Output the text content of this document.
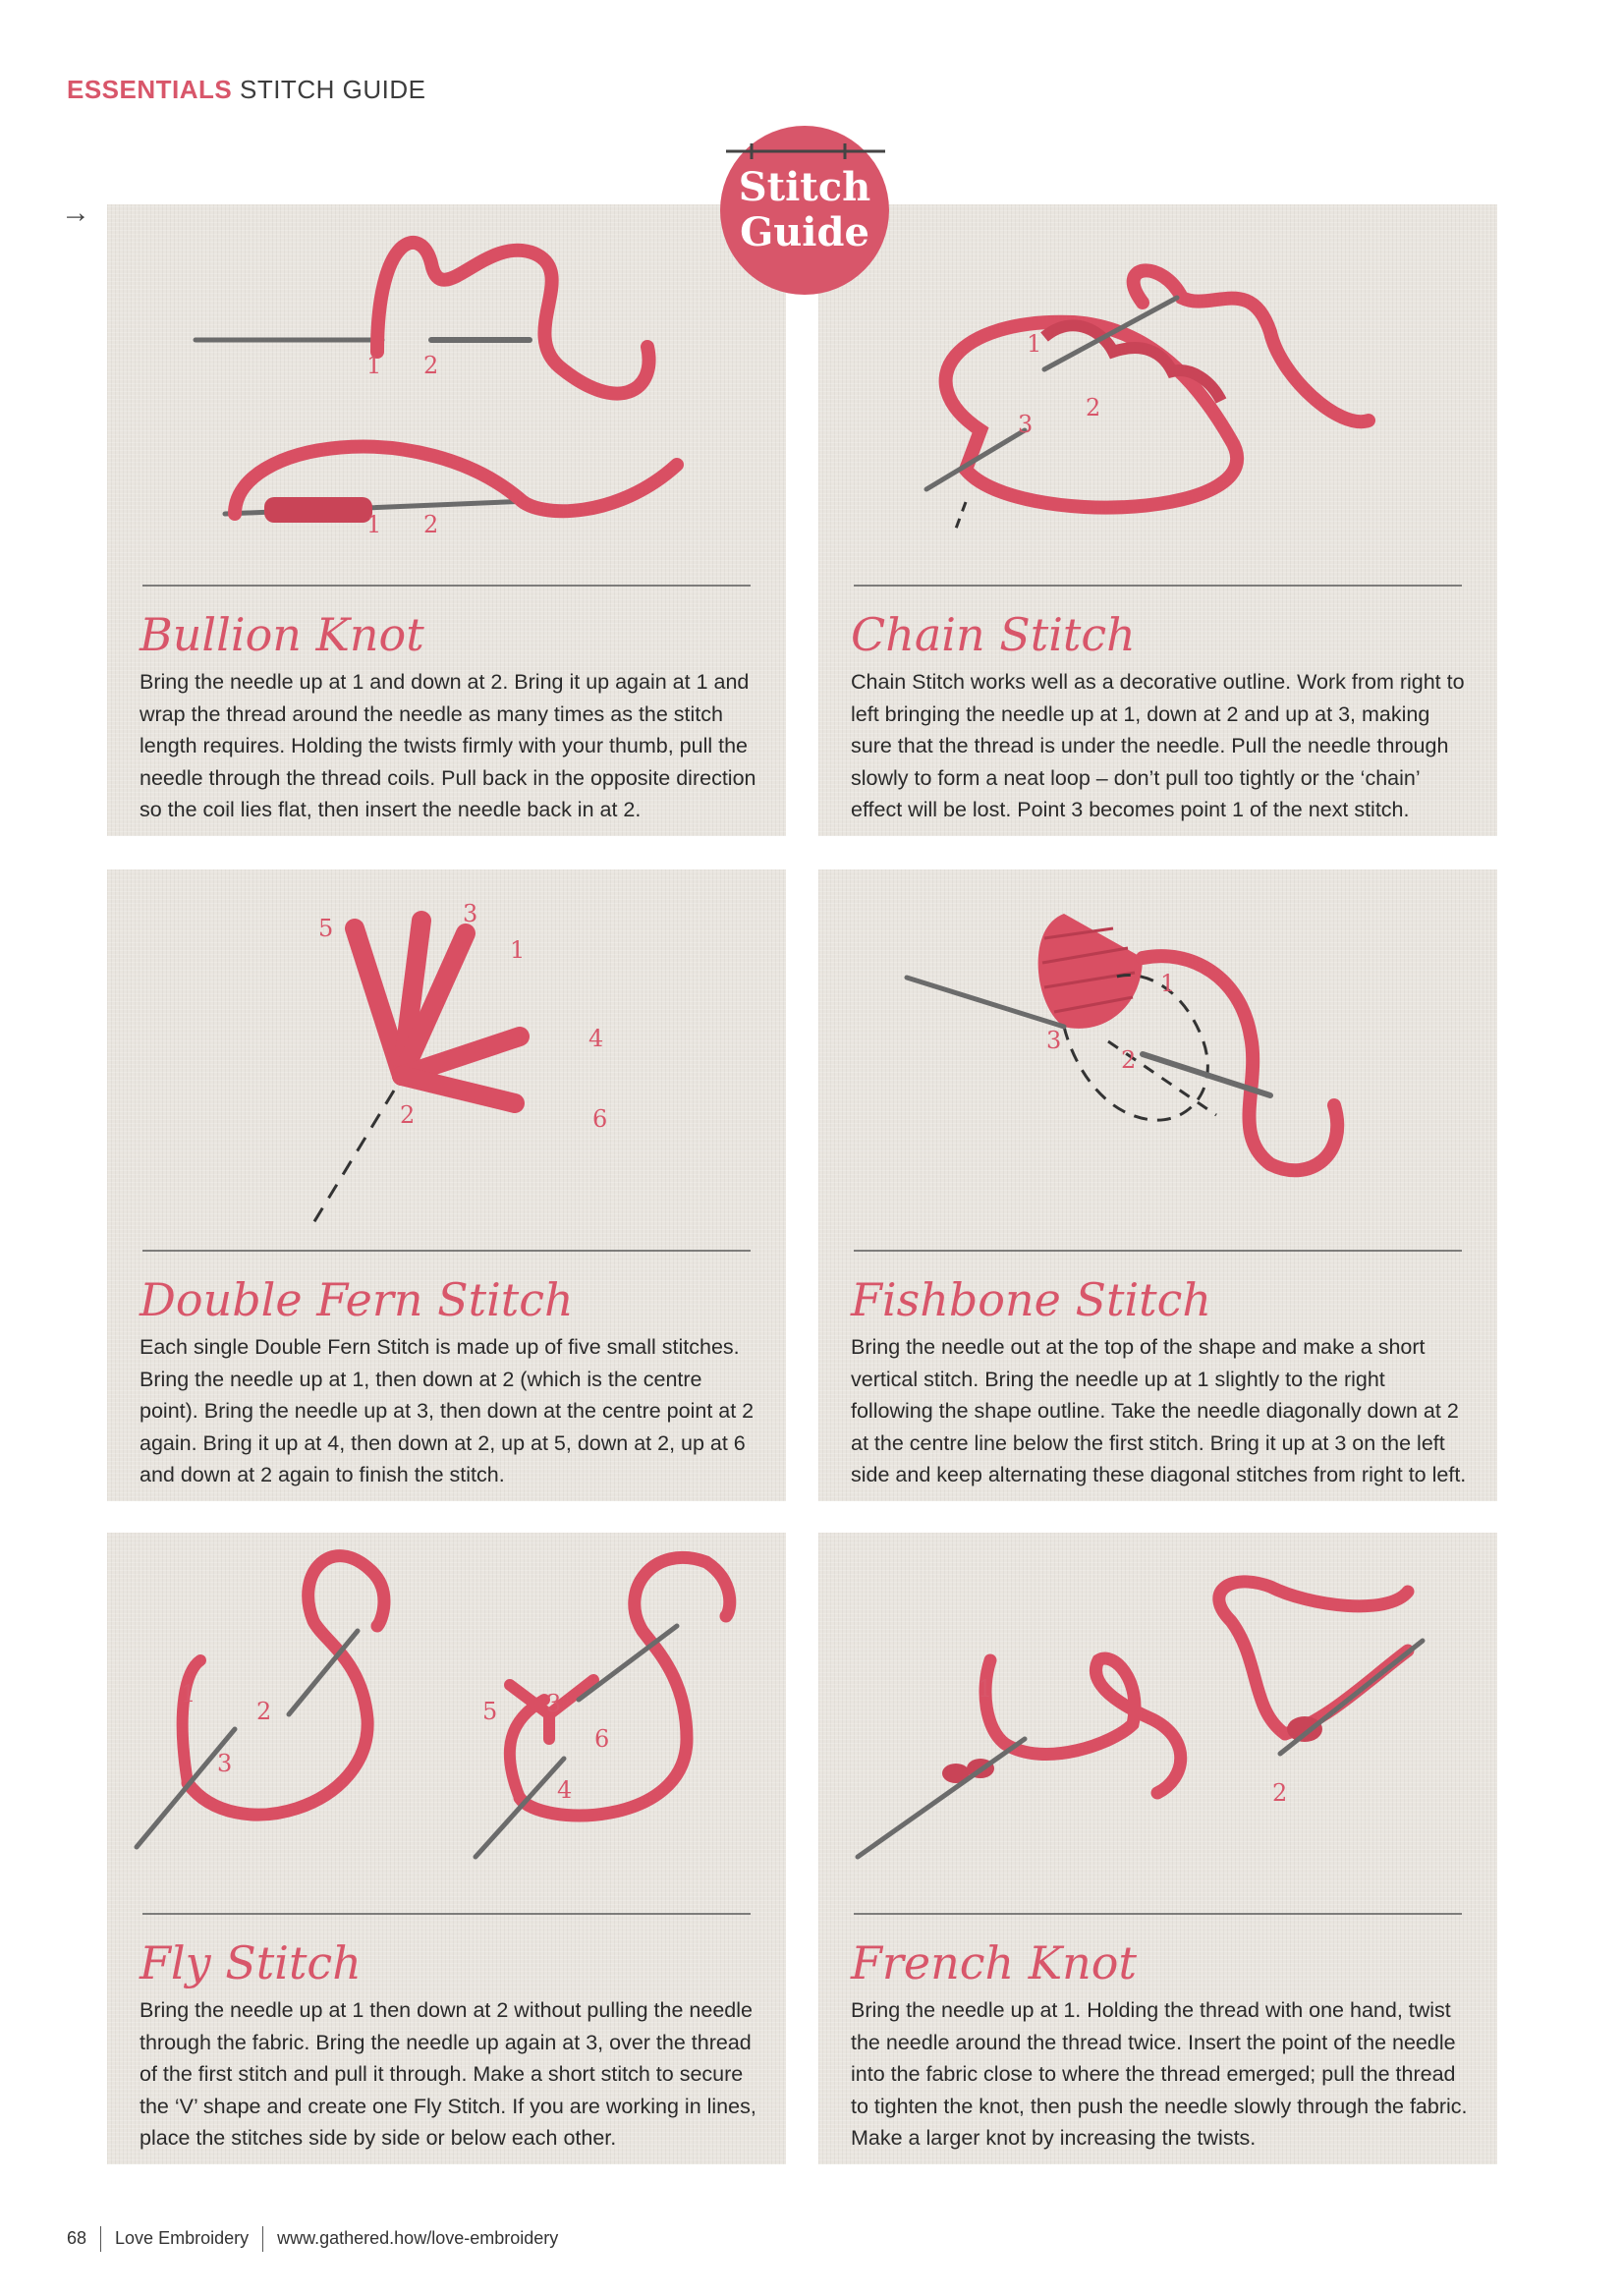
ESSENTIALS STITCH GUIDE
→
Stitch
Guide
1 2
1 2
Bullion Knot
Bring the needle up at 1 and down at 2. Bring it up again at 1 and wrap the thread around the needle as many times as the stitch length requires. Holding the twists firmly with your thumb, pull the needle through the thread coils. Pull back in the opposite direction so the coil lies flat, then insert the needle back in at 2.
1
2
3
Chain Stitch
Chain Stitch works well as a decorative outline. Work from right to left bringing the needle up at 1, down at 2 and up at 3, making sure that the thread is under the needle. Pull the needle through slowly to form a neat loop – don’t pull too tightly or the ‘chain’ effect will be lost. Point 3 becomes point 1 of the next stitch.
5
3
1
4
2	6
Double Fern Stitch
Each single Double Fern Stitch is made up of five small stitches. Bring the needle up at 1, then down at 2 (which is the centre point). Bring the needle up at 3, then down at the centre point at 2 again. Bring it up at 4, then down at 2, up at 5, down at 2, up at 6 and down at 2 again to finish the stitch.
1
3
2
Fishbone Stitch
Bring the needle out at the top of the shape and make a short vertical stitch. Bring the needle up at 1 slightly to the right following the shape outline. Take the needle diagonally down at 2 at the centre line below the first stitch. Bring it up at 3 on the left side and keep alternating these diagonal stitches from right to left.
1
2
3
5 3
6
4
Fly Stitch
Bring the needle up at 1 then down at 2 without pulling the needle through the fabric. Bring the needle up again at 3, over the thread of the first stitch and pull it through. Make a short stitch to secure the ‘V’ shape and create one Fly Stitch. If you are working in lines, place the stitches side by side or below each other.
1
2
French Knot
Bring the needle up at 1. Holding the thread with one hand, twist the needle around the thread twice. Insert the point of the needle into the fabric close to where the thread emerged; pull the thread to tighten the knot, then push the needle slowly through the fabric. Make a larger knot by increasing the twists.
68 Love Embroidery www.gathered.how/love-embroidery
